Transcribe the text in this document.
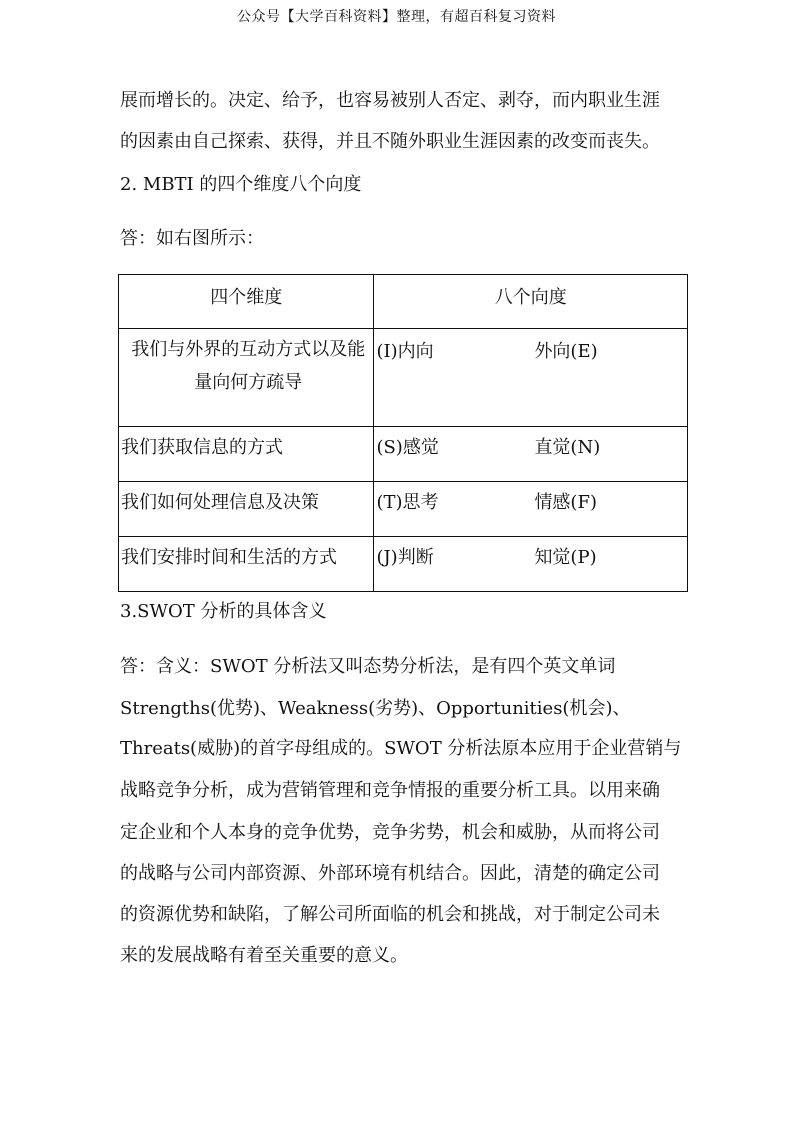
公众号【大学百科资料】整理，有超百科复习资料
展而增长的。决定、给予，也容易被别人否定、剥夺，而内职业生涯
的因素由自己探索、获得，并且不随外职业生涯因素的改变而丧失。
2. MBTI 的四个维度八个向度
答：如右图所示：
四个维度	八个向度

我们与外界的互动方式以及能
量向何方疏导	(I)内向 外向(E)

我们获取信息的方式	(S)感觉 直觉(N)

我们如何处理信息及决策	(T)思考 情感(F)

我们安排时间和生活的方式	(J)判断 知觉(P)
3.SWOT 分析的具体含义
答：含义：SWOT 分析法又叫态势分析法，是有四个英文单词
Strengths(优势)、Weakness(劣势)、Opportunities(机会)、
Threats(威胁)的首字母组成的。SWOT 分析法原本应用于企业营销与
战略竞争分析，成为营销管理和竞争情报的重要分析工具。以用来确
定企业和个人本身的竞争优势，竞争劣势，机会和威胁，从而将公司
的战略与公司内部资源、外部环境有机结合。因此，清楚的确定公司
的资源优势和缺陷，了解公司所面临的机会和挑战，对于制定公司未
来的发展战略有着至关重要的意义。
